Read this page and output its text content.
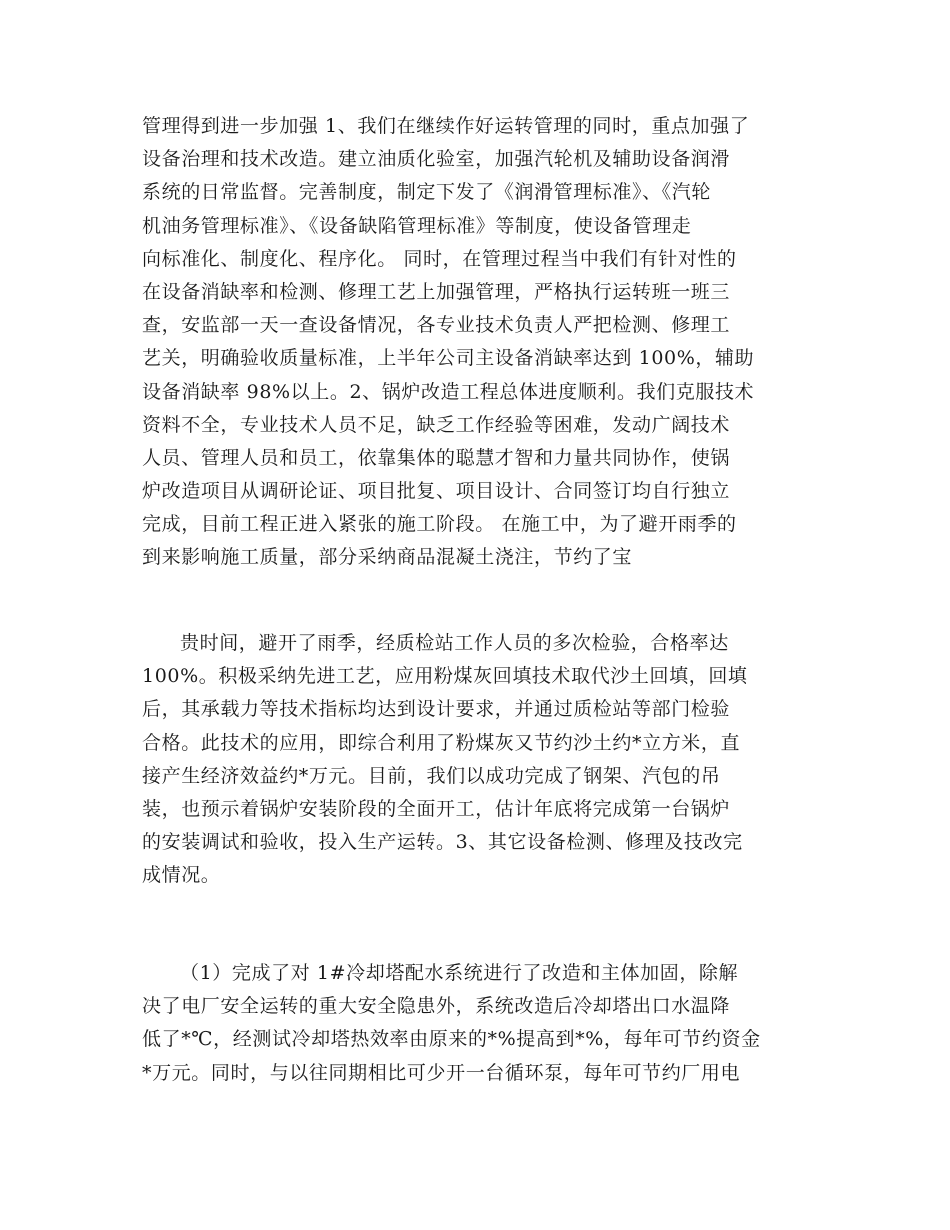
管理得到进一步加强 1、我们在继续作好运转管理的同时，重点加强了
设备治理和技术改造。建立油质化验室，加强汽轮机及辅助设备润滑
系统的日常监督。完善制度，制定下发了《润滑管理标准》、《汽轮
机油务管理标准》、《设备缺陷管理标准》等制度，使设备管理走
向标准化、制度化、程序化。 同时，在管理过程当中我们有针对性的
在设备消缺率和检测、修理工艺上加强管理，严格执行运转班一班三
查，安监部一天一查设备情况，各专业技术负责人严把检测、修理工
艺关，明确验收质量标准，上半年公司主设备消缺率达到 100%，辅助
设备消缺率 98%以上。2、锅炉改造工程总体进度顺利。我们克服技术
资料不全，专业技术人员不足，缺乏工作经验等困难，发动广阔技术
人员、管理人员和员工，依靠集体的聪慧才智和力量共同协作，使锅
炉改造项目从调研论证、项目批复、项目设计、合同签订均自行独立
完成，目前工程正进入紧张的施工阶段。 在施工中，为了避开雨季的
到来影响施工质量，部分采纳商品混凝土浇注，节约了宝
贵时间，避开了雨季，经质检站工作人员的多次检验，合格率达
100%。积极采纳先进工艺，应用粉煤灰回填技术取代沙土回填，回填
后，其承载力等技术指标均达到设计要求，并通过质检站等部门检验
合格。此技术的应用，即综合利用了粉煤灰又节约沙土约*立方米，直
接产生经济效益约*万元。目前，我们以成功完成了钢架、汽包的吊
装，也预示着锅炉安装阶段的全面开工，估计年底将完成第一台锅炉
的安装调试和验收，投入生产运转。3、其它设备检测、修理及技改完
成情况。
（1）完成了对 1#冷却塔配水系统进行了改造和主体加固，除解
决了电厂安全运转的重大安全隐患外，系统改造后冷却塔出口水温降
低了*℃，经测试冷却塔热效率由原来的*%提高到*%，每年可节约资金
*万元。同时，与以往同期相比可少开一台循环泵，每年可节约厂用电
